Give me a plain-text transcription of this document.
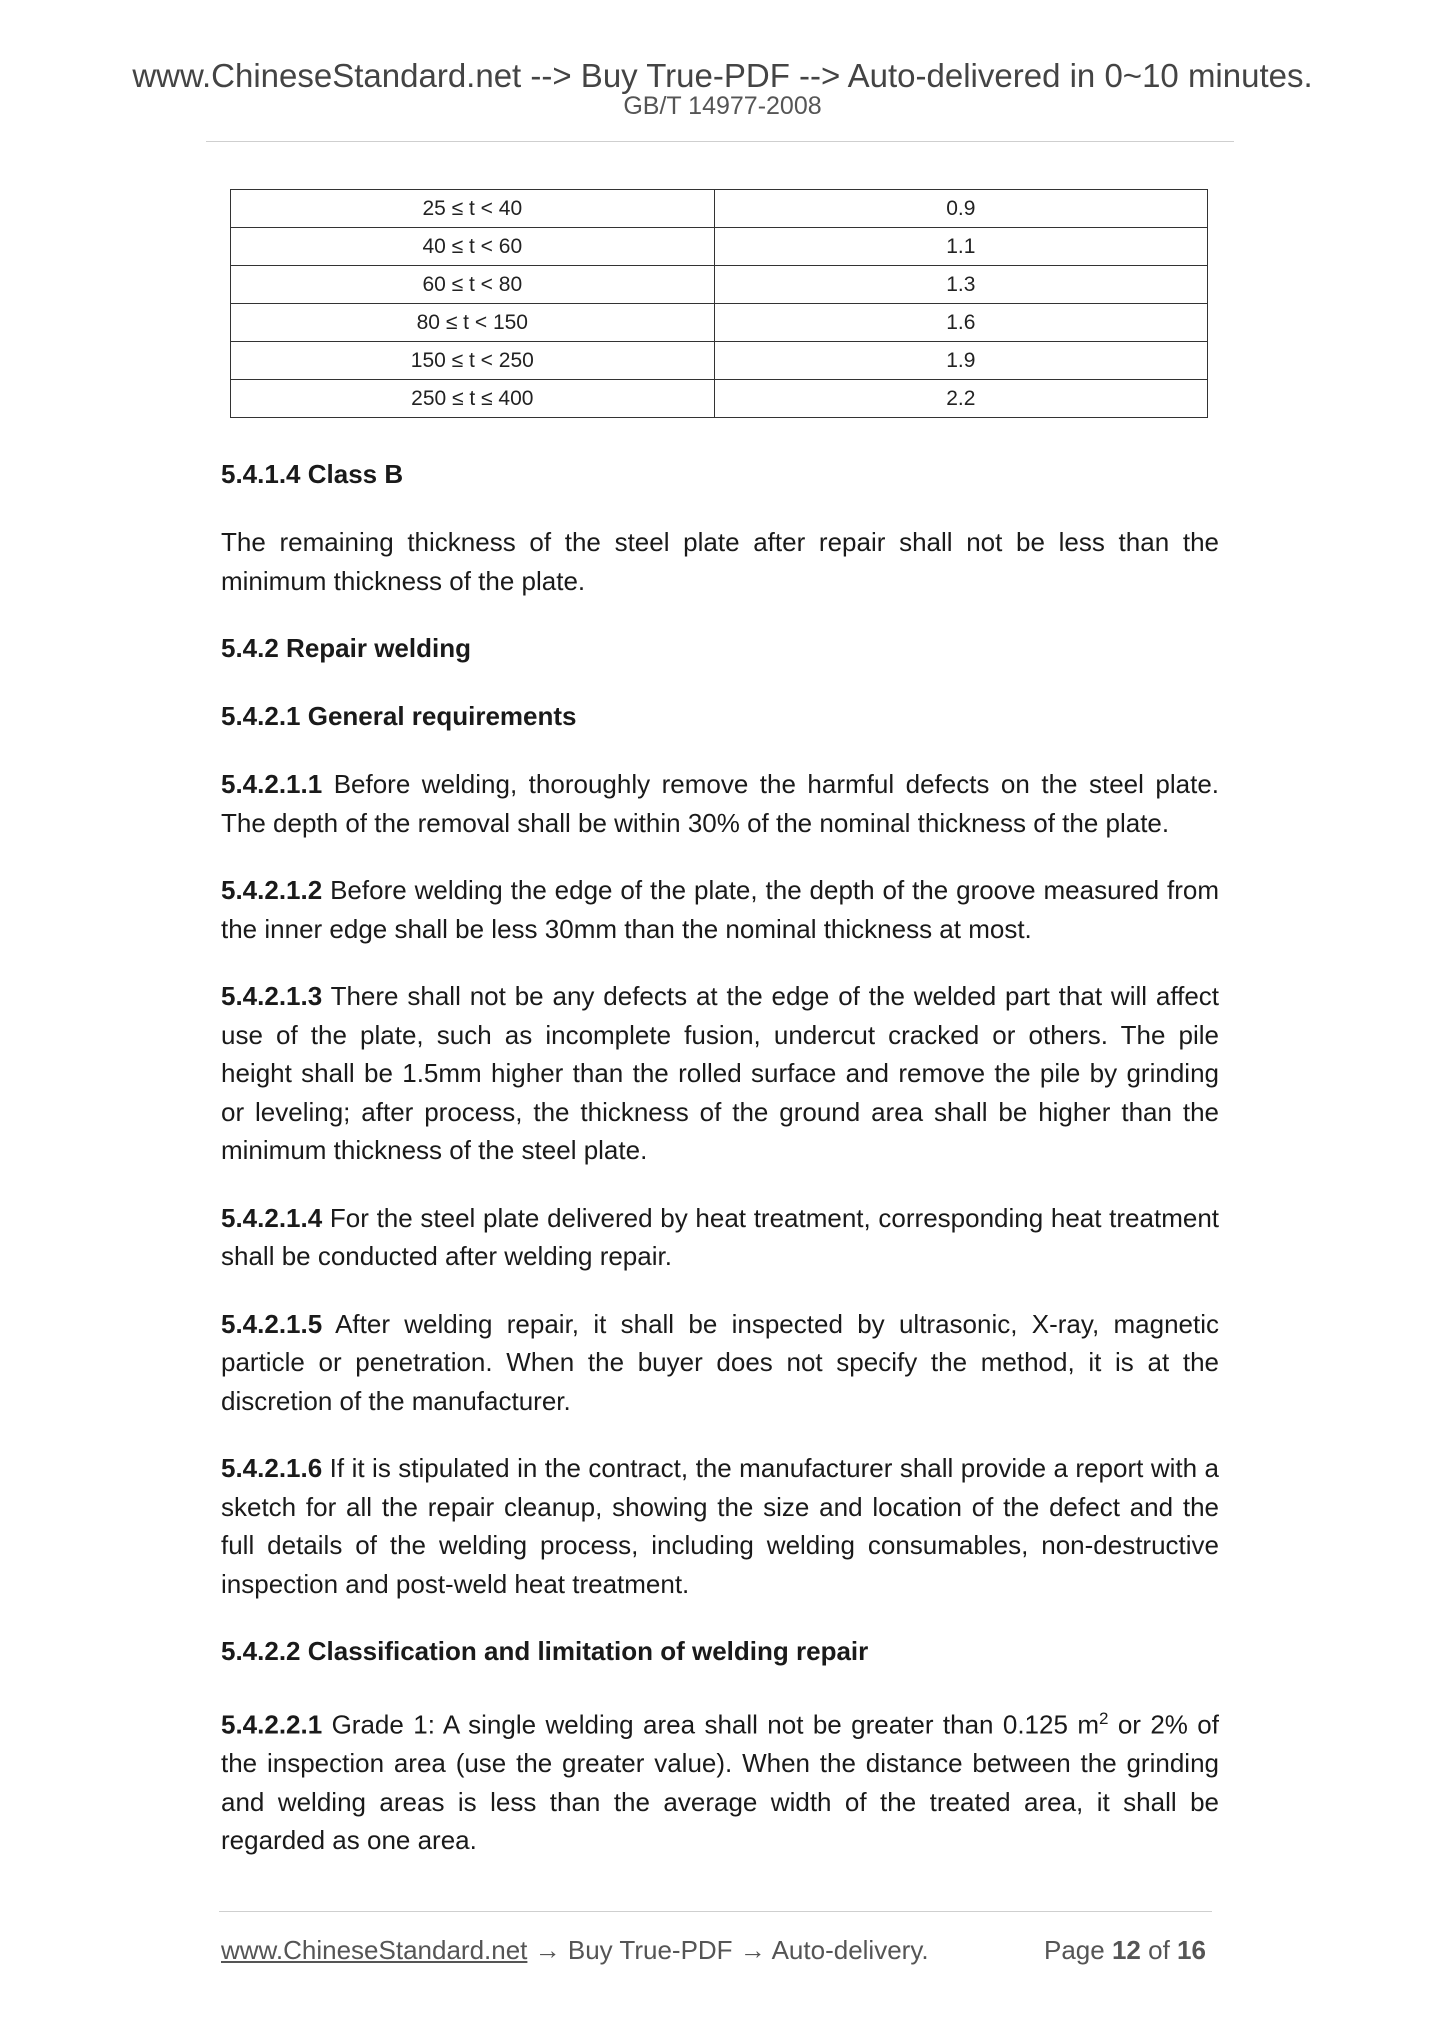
www.ChineseStandard.net --> Buy True-PDF --> Auto-delivered in 0~10 minutes.
GB/T 14977-2008
25 ≤ t < 40	0.9
40 ≤ t < 60	1.1
60 ≤ t < 80	1.3
80 ≤ t < 150	1.6
150 ≤ t < 250	1.9
250 ≤ t ≤ 400	2.2
5.4.1.4 Class B
The remaining thickness of the steel plate after repair shall not be less than the minimum thickness of the plate.
5.4.2 Repair welding
5.4.2.1 General requirements
5.4.2.1.1 Before welding, thoroughly remove the harmful defects on the steel plate. The depth of the removal shall be within 30% of the nominal thickness of the plate.
5.4.2.1.2 Before welding the edge of the plate, the depth of the groove measured from the inner edge shall be less 30mm than the nominal thickness at most.
5.4.2.1.3 There shall not be any defects at the edge of the welded part that will affect use of the plate, such as incomplete fusion, undercut cracked or others. The pile height shall be 1.5mm higher than the rolled surface and remove the pile by grinding or leveling; after process, the thickness of the ground area shall be higher than the minimum thickness of the steel plate.
5.4.2.1.4 For the steel plate delivered by heat treatment, corresponding heat treatment shall be conducted after welding repair.
5.4.2.1.5 After welding repair, it shall be inspected by ultrasonic, X-ray, magnetic particle or penetration. When the buyer does not specify the method, it is at the discretion of the manufacturer.
5.4.2.1.6 If it is stipulated in the contract, the manufacturer shall provide a report with a sketch for all the repair cleanup, showing the size and location of the defect and the full details of the welding process, including welding consumables, non-destructive inspection and post-weld heat treatment.
5.4.2.2 Classification and limitation of welding repair
5.4.2.2.1 Grade 1: A single welding area shall not be greater than 0.125 $m^2$ or 2% of the inspection area (use the greater value). When the distance between the grinding and welding areas is less than the average width of the treated area, it shall be regarded as one area.
www.ChineseStandard.net → Buy True-PDF → Auto-delivery.	Page 12 of 16
